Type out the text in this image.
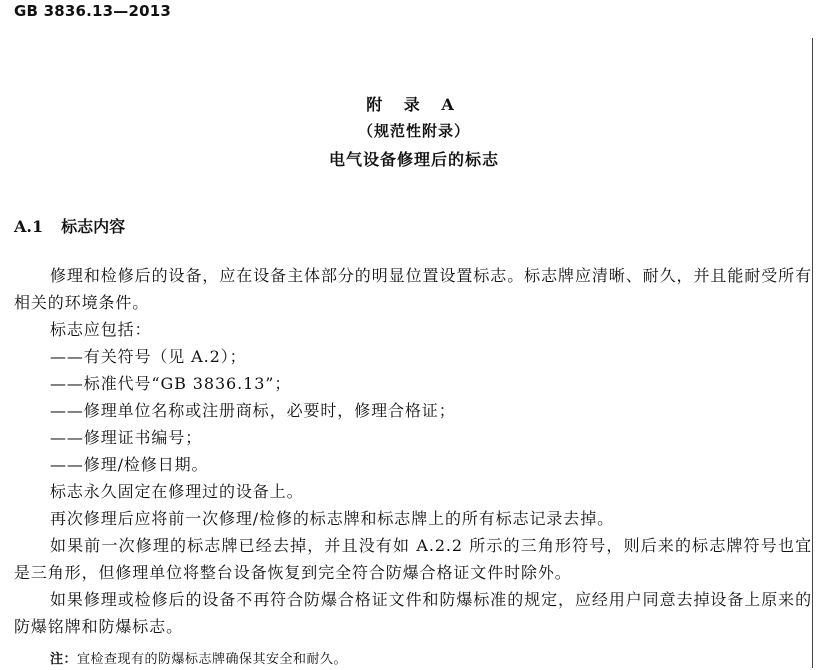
GB 3836.13—2013
附 录 A
（规范性附录）
电气设备修理后的标志
A.1 标志内容

修理和检修后的设备，应在设备主体部分的明显位置设置标志。标志牌应清晰、耐久，并且能耐受所有相关的环境条件。

标志应包括：

——有关符号（见 A.2）；

——标准代号“GB 3836.13”；

——修理单位名称或注册商标，必要时，修理合格证；

——修理证书编号；

——修理/检修日期。

标志永久固定在修理过的设备上。

再次修理后应将前一次修理/检修的标志牌和标志牌上的所有标志记录去掉。

如果前一次修理的标志牌已经去掉，并且没有如 A.2.2 所示的三角形符号，则后来的标志牌符号也宜是三角形，但修理单位将整台设备恢复到完全符合防爆合格证文件时除外。

如果修理或检修后的设备不再符合防爆合格证文件和防爆标准的规定，应经用户同意去掉设备上原来的防爆铭牌和防爆标志。

注：宜检查现有的防爆标志牌确保其安全和耐久。
